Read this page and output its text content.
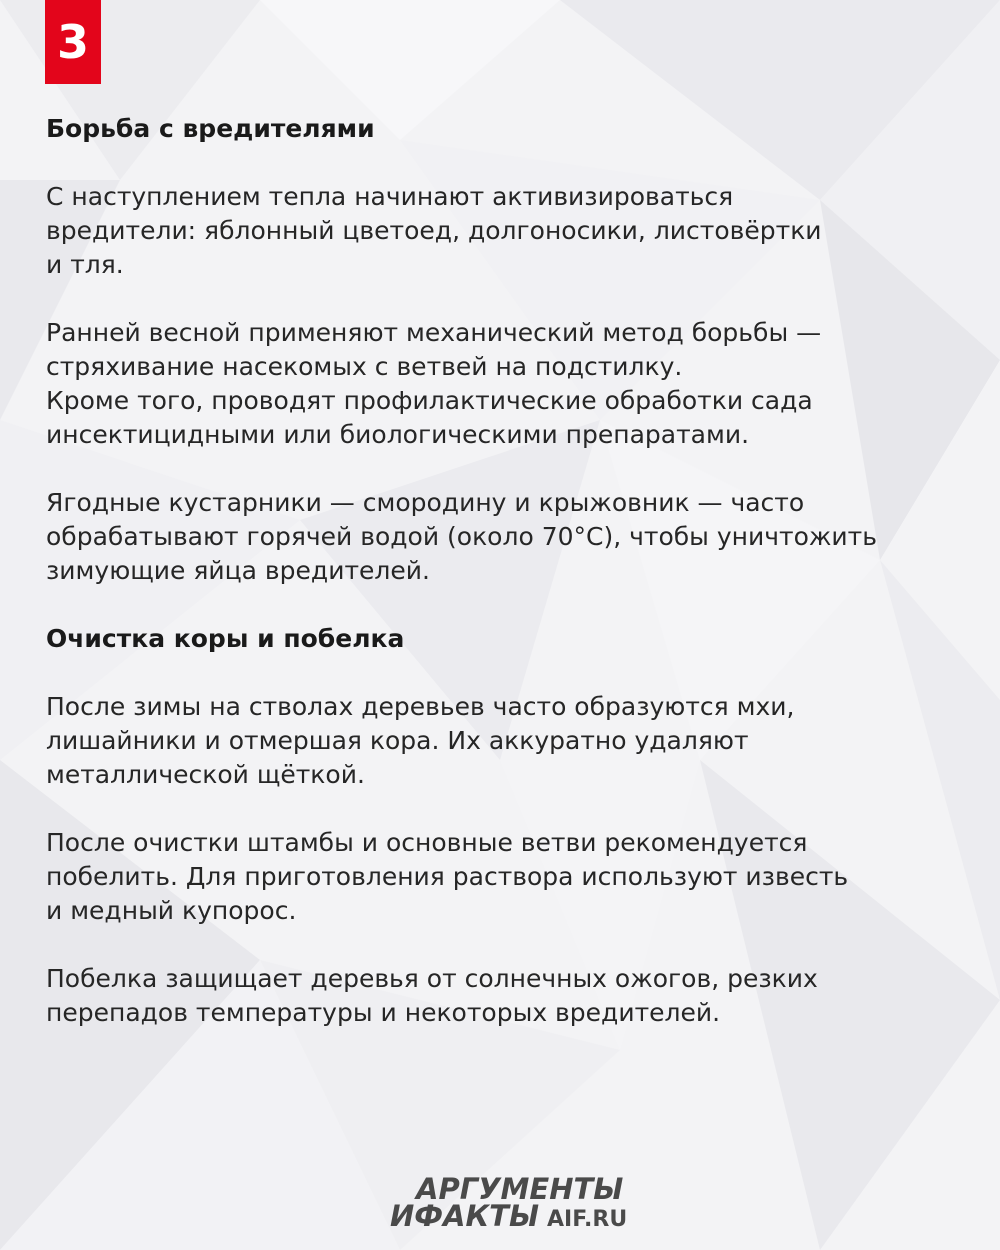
3
Борьба с вредителями

С наступлением тепла начинают активизироваться
вредители: яблонный цветоед, долгоносики, листовёртки
и тля.

Ранней весной применяют механический метод борьбы —
стряхивание насекомых с ветвей на подстилку.
Кроме того, проводят профилактические обработки сада
инсектицидными или биологическими препаратами.

Ягодные кустарники — смородину и крыжовник — часто
обрабатывают горячей водой (около 70°С), чтобы уничтожить
зимующие яйца вредителей.

Очистка коры и побелка

После зимы на стволах деревьев часто образуются мхи,
лишайники и отмершая кора. Их аккуратно удаляют
металлической щёткой.

После очистки штамбы и основные ветви рекомендуется
побелить. Для приготовления раствора используют известь
и медный купорос.

Побелка защищает деревья от солнечных ожогов, резких
перепадов температуры и некоторых вредителей.

АРГУМЕНТЫ
ИФАКТЫ AIF.RU
